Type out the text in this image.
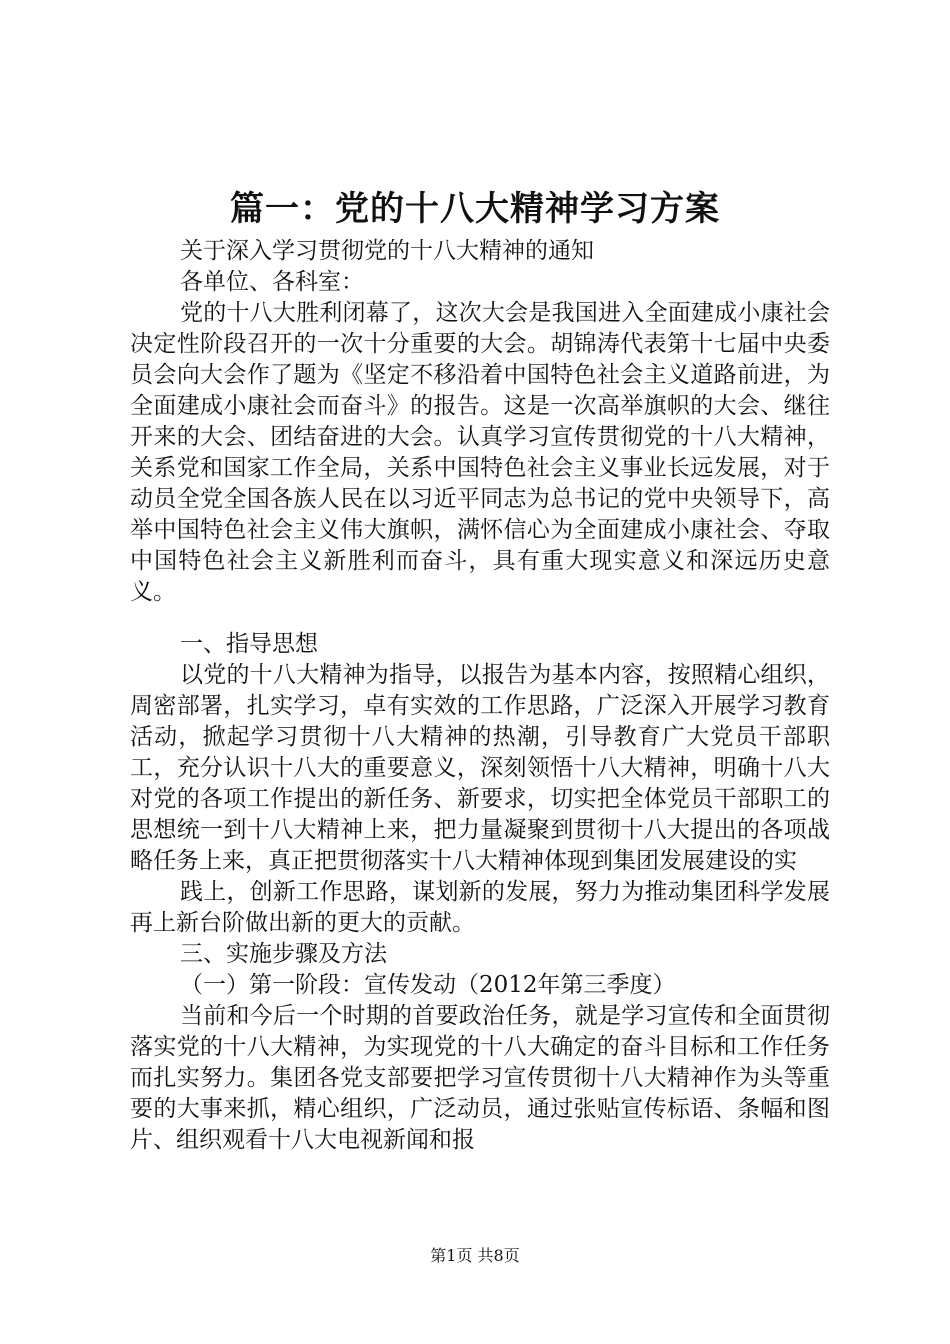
篇一：党的十八大精神学习方案

关于深入学习贯彻党的十八大精神的通知

各单位、各科室：

党的十八大胜利闭幕了，这次大会是我国进入全面建成小康社会决定性阶段召开的一次十分重要的大会。胡锦涛代表第十七届中央委员会向大会作了题为《坚定不移沿着中国特色社会主义道路前进，为全面建成小康社会而奋斗》的报告。这是一次高举旗帜的大会、继往开来的大会、团结奋进的大会。认真学习宣传贯彻党的十八大精神，关系党和国家工作全局，关系中国特色社会主义事业长远发展，对于动员全党全国各族人民在以习近平同志为总书记的党中央领导下，高举中国特色社会主义伟大旗帜，满怀信心为全面建成小康社会、夺取中国特色社会主义新胜利而奋斗，具有重大现实意义和深远历史意义。

一、指导思想

以党的十八大精神为指导，以报告为基本内容，按照精心组织，周密部署，扎实学习，卓有实效的工作思路，广泛深入开展学习教育活动，掀起学习贯彻十八大精神的热潮，引导教育广大党员干部职工，充分认识十八大的重要意义，深刻领悟十八大精神，明确十八大对党的各项工作提出的新任务、新要求，切实把全体党员干部职工的思想统一到十八大精神上来，把力量凝聚到贯彻十八大提出的各项战略任务上来，真正把贯彻落实十八大精神体现到集团发展建设的实

践上，创新工作思路，谋划新的发展，努力为推动集团科学发展再上新台阶做出新的更大的贡献。

三、实施步骤及方法

（一）第一阶段：宣传发动（2012年第三季度）

当前和今后一个时期的首要政治任务，就是学习宣传和全面贯彻落实党的十八大精神，为实现党的十八大确定的奋斗目标和工作任务而扎实努力。集团各党支部要把学习宣传贯彻十八大精神作为头等重要的大事来抓，精心组织，广泛动员，通过张贴宣传标语、条幅和图片、组织观看十八大电视新闻和报

第1页 共8页
